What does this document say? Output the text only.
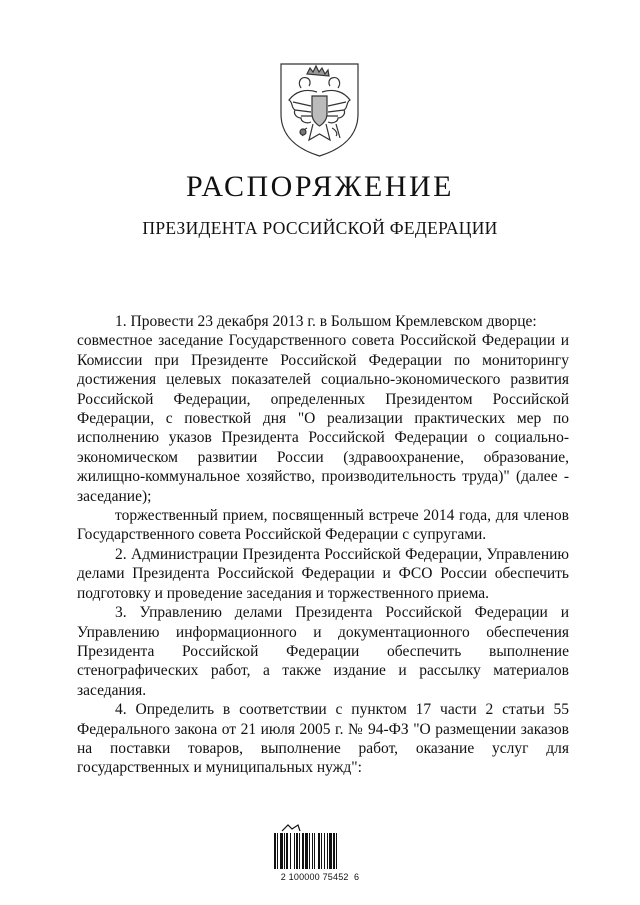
РАСПОРЯЖЕНИЕ
ПРЕЗИДЕНТА РОССИЙСКОЙ ФЕДЕРАЦИИ

1. Провести 23 декабря 2013 г. в Большом Кремлевском дворце:

совместное заседание Государственного совета Российской Федерации и Комиссии при Президенте Российской Федерации по мониторингу достижения целевых показателей социально-экономического развития Российской Федерации, определенных Президентом Российской Федерации, с повесткой дня "О реализации практических мер по исполнению указов Президента Российской Федерации о социально-экономическом развитии России (здравоохранение, образование, жилищно-коммунальное хозяйство, производительность труда)" (далее - заседание);

торжественный прием, посвященный встрече 2014 года, для членов Государственного совета Российской Федерации с супругами.

2. Администрации Президента Российской Федерации, Управлению делами Президента Российской Федерации и ФСО России обеспечить подготовку и проведение заседания и торжественного приема.

3. Управлению делами Президента Российской Федерации и Управлению информационного и документационного обеспечения Президента Российской Федерации обеспечить выполнение стенографических работ, а также издание и рассылку материалов заседания.

4. Определить в соответствии с пунктом 17 части 2 статьи 55 Федерального закона от 21 июля 2005 г. № 94-ФЗ "О размещении заказов на поставки товаров, выполнение работ, оказание услуг для государственных и муниципальных нужд":

2 100000 75452  6
